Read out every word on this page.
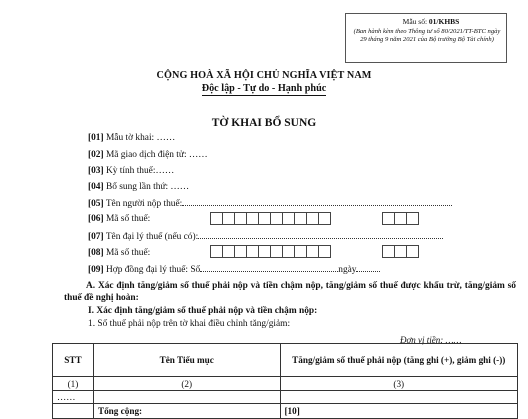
Mẫu số: 01/KHBS
(Ban hành kèm theo Thông tư số 80/2021/TT-BTC ngày 29 tháng 9 năm 2021 của Bộ trưởng Bộ Tài chính)
CỘNG HOÀ XÃ HỘI CHỦ NGHĨA VIỆT NAM
Độc lập - Tự do - Hạnh phúc
TỜ KHAI BỔ SUNG
[01] Mẫu tờ khai: ……
[02] Mã giao dịch điện tử: ……
[03] Kỳ tính thuế:……
[04] Bổ sung lần thứ: ……
[05] Tên người nộp thuế:
[06] Mã số thuế:
[07] Tên đại lý thuế (nếu có):
[08] Mã số thuế:
[09] Hợp đồng đại lý thuế: Số	ngày
A. Xác định tăng/giảm số thuế phải nộp và tiền chậm nộp, tăng/giảm số thuế được khấu trừ, tăng/giảm số thuế đề nghị hoàn:
I. Xác định tăng/giảm số thuế phải nộp và tiền chậm nộp:
1. Số thuế phải nộp trên tờ khai điều chỉnh tăng/giảm:
Đơn vị tiền: ……
STT	Tên Tiểu mục	Tăng/giảm số thuế phải nộp (tăng ghi (+), giảm ghi (-))
(1)	(2)	(3)
……		
	Tổng cộng:	[10]
